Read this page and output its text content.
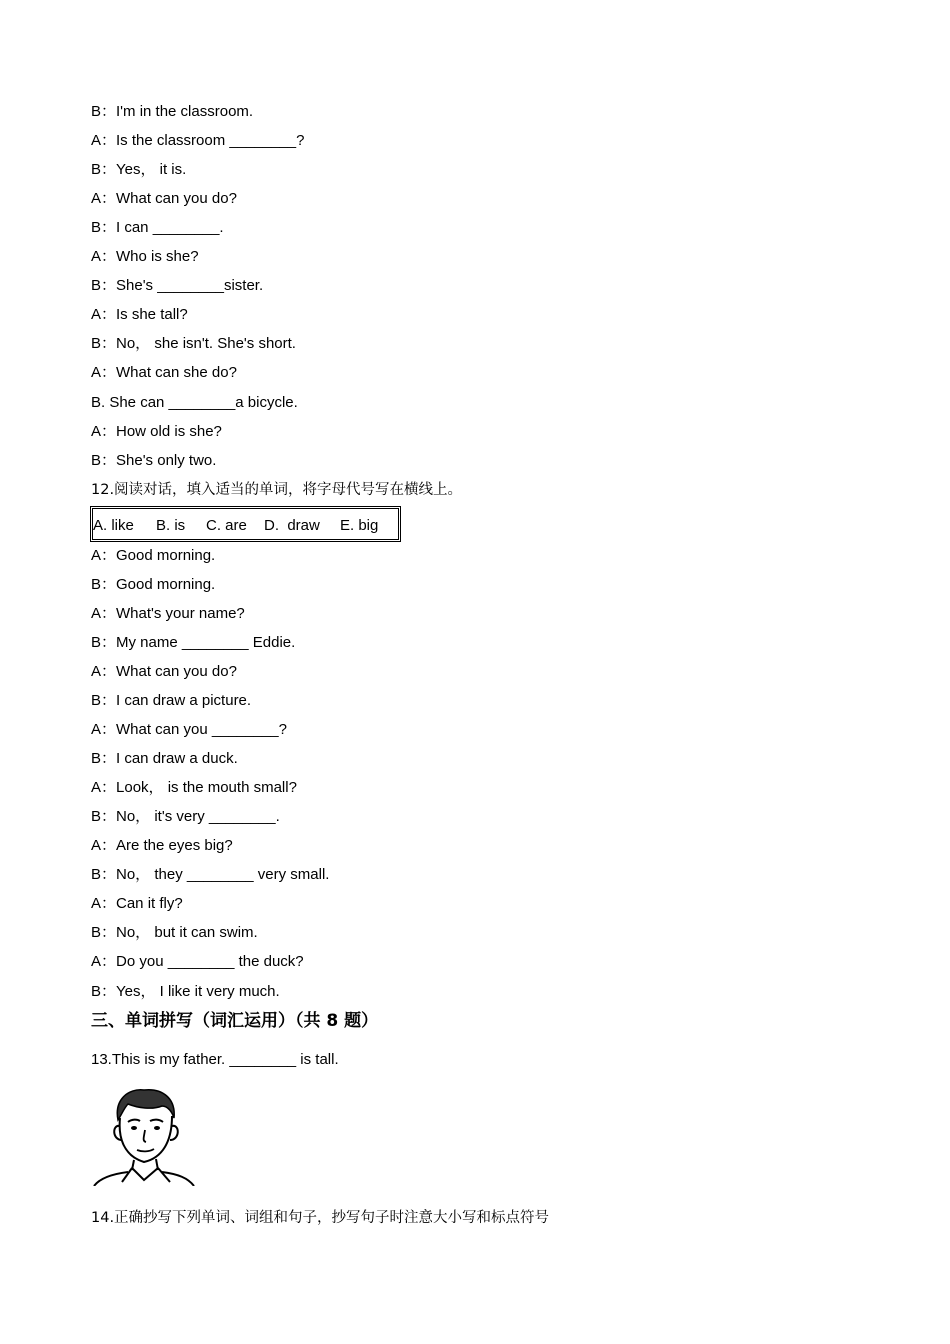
B：I'm in the classroom.
A：Is the classroom ________?
B：Yes， it is.
A：What can you do?
B：I can ________.
A：Who is she?
B：She's ________sister.
A：Is she tall?
B：No， she isn't. She's short.
A：What can she do?
B. She can ________a bicycle.
A：How old is she?
B：She's only two.
12.阅读对话，填入适当的单词，将字母代号写在横线上。
A. like B. is C. are D.  draw E. big
A：Good morning.
B：Good morning.
A：What's your name?
B：My name ________ Eddie.
A：What can you do?
B：I can draw a picture.
A：What can you ________?
B：I can draw a duck.
A：Look， is the mouth small?
B：No， it's very ________.
A：Are the eyes big?
B：No， they ________ very small.
A：Can it fly?
B：No， but it can swim.
A：Do you ________ the duck?
B：Yes， I like it very much.
三、单词拼写（词汇运用）（共 8 题）
13.This is my father. ________ is tall.
14.正确抄写下列单词、词组和句子，抄写句子时注意大小写和标点符号
